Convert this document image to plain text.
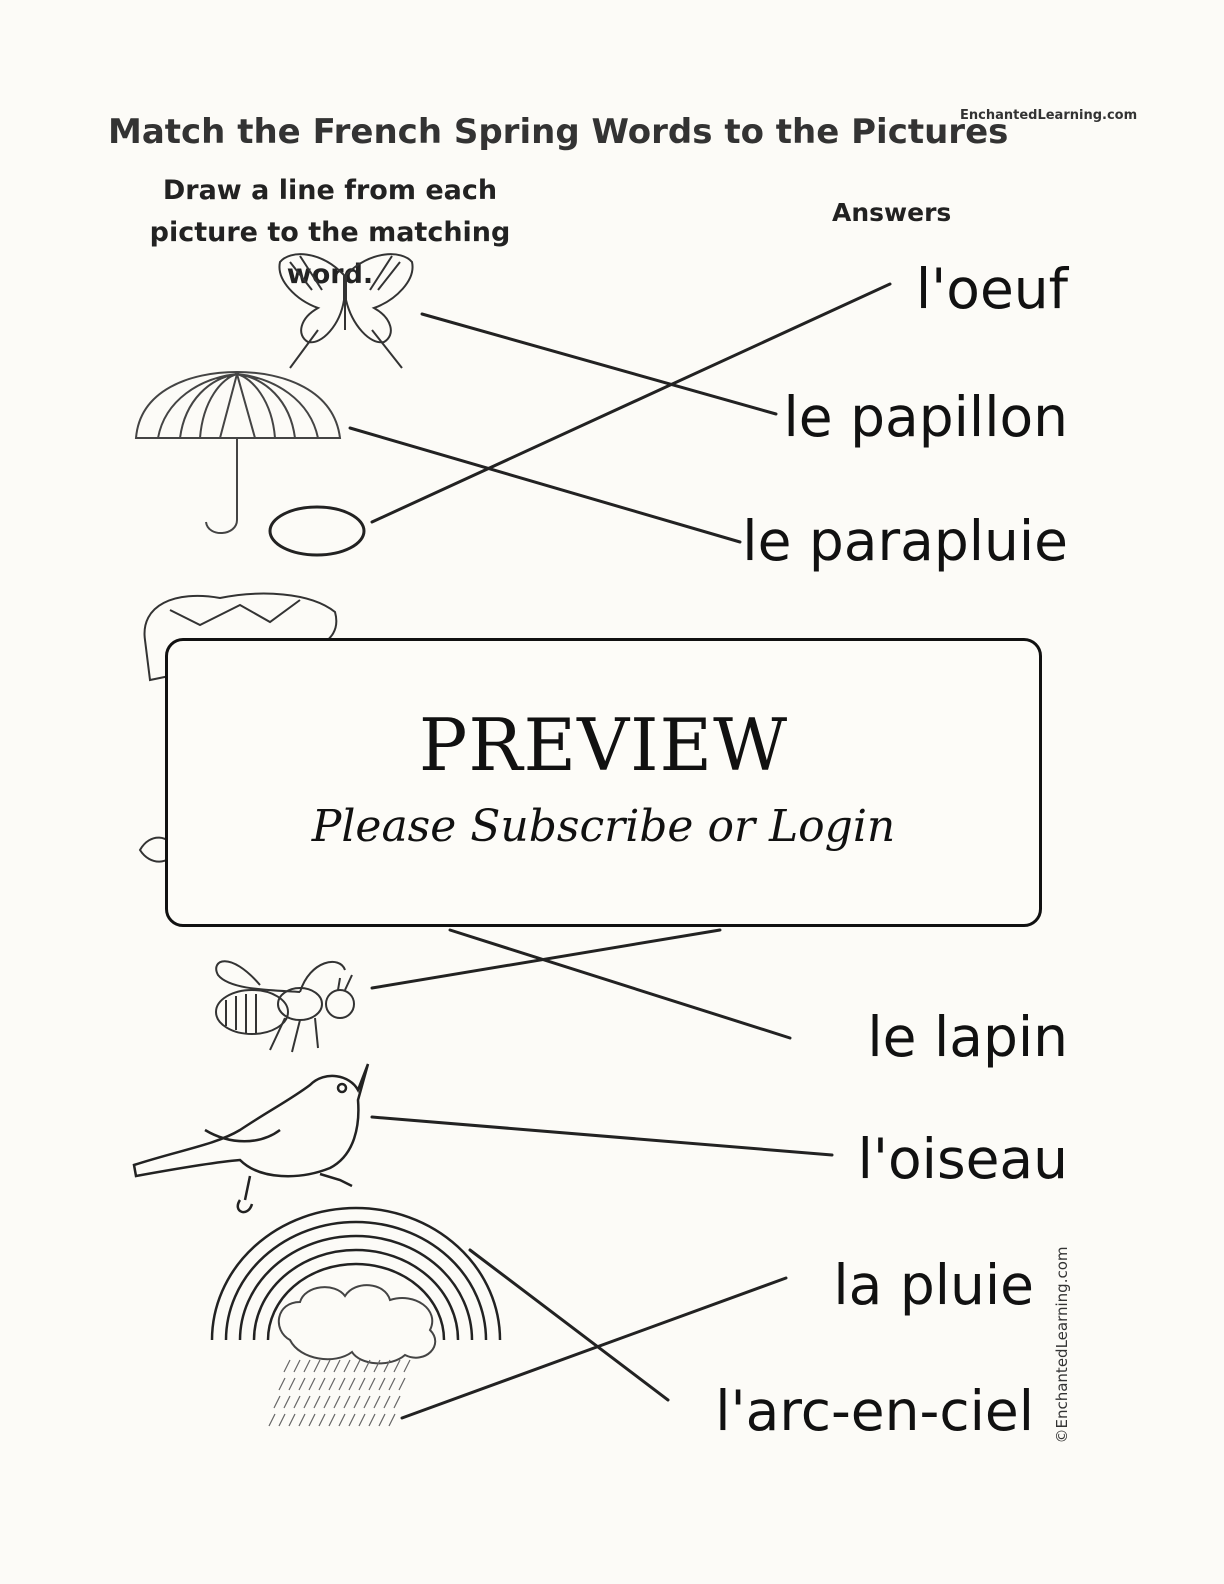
Match the French Spring Words to the Pictures
EnchantedLearning.com
Draw a line from each
picture to the matching word.
Answers
l'oeuf
le papillon
le parapluie
le lapin
l'oiseau
la pluie
l'arc-en-ciel ©EnchantedLearning.com
PREVIEW
Please Subscribe or Login
